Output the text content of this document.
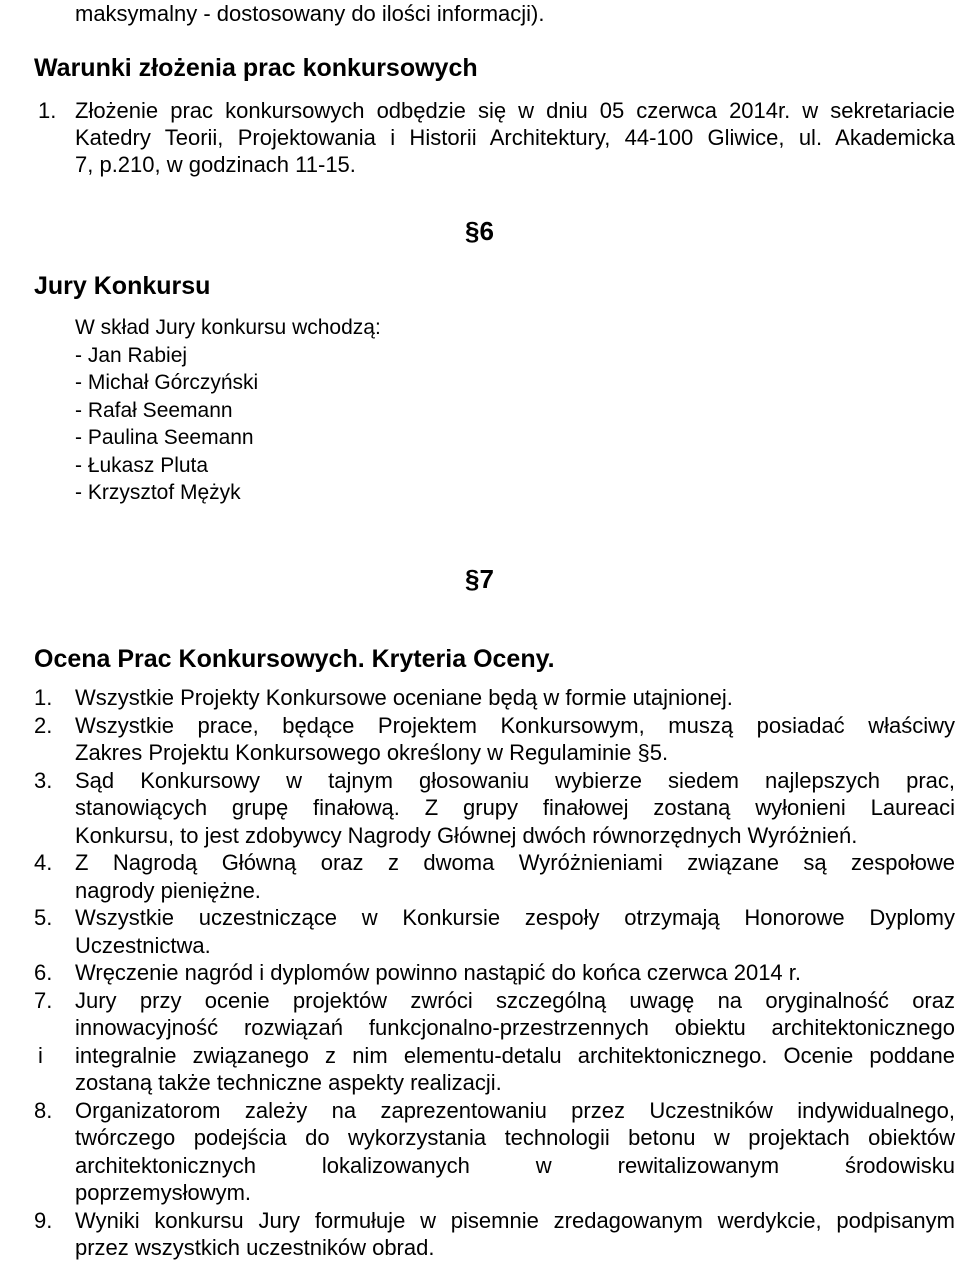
maksymalny - dostosowany do ilości informacji).
Warunki złożenia prac konkursowych
1. Złożenie prac konkursowych odbędzie się w dniu 05 czerwca 2014r. w sekretariacie
Katedry Teorii, Projektowania i Historii Architektury, 44-100 Gliwice, ul. Akademicka
7, p.210, w godzinach 11-15.
§6
Jury Konkursu
W skład Jury konkursu wchodzą:
- Jan Rabiej
- Michał Górczyński
- Rafał Seemann
- Paulina Seemann
- Łukasz Pluta
- Krzysztof Mężyk
§7
Ocena Prac Konkursowych. Kryteria Oceny.
1.	Wszystkie Projekty Konkursowe oceniane będą w formie utajnionej.
2.	Wszystkie prace, będące Projektem Konkursowym, muszą posiadać właściwy
Zakres Projektu Konkursowego określony w Regulaminie §5.
3.	Sąd Konkursowy w tajnym głosowaniu wybierze siedem najlepszych prac,
stanowiących grupę finałową. Z grupy finałowej zostaną wyłonieni Laureaci
Konkursu, to jest zdobywcy Nagrody Głównej dwóch równorzędnych Wyróżnień.
4.	Z Nagrodą Główną oraz z dwoma Wyróżnieniami związane są zespołowe
nagrody pieniężne.
5.	Wszystkie uczestniczące w Konkursie zespoły otrzymają Honorowe Dyplomy
Uczestnictwa.
6.	Wręczenie nagród i dyplomów powinno nastąpić do końca czerwca 2014 r.
7.	Jury przy ocenie projektów zwróci szczególną uwagę na oryginalność oraz
innowacyjność rozwiązań funkcjonalno-przestrzennych obiektu architektonicznego
i integralnie związanego z nim elementu-detalu architektonicznego. Ocenie poddane
zostaną także techniczne aspekty realizacji.
8.	Organizatorom zależy na zaprezentowaniu przez Uczestników indywidualnego,
twórczego podejścia do wykorzystania technologii betonu w projektach obiektów
architektonicznych lokalizowanych w rewitalizowanym środowisku
poprzemysłowym.
9.	Wyniki konkursu Jury formułuje w pisemnie zredagowanym werdykcie, podpisanym
przez wszystkich uczestników obrad.
